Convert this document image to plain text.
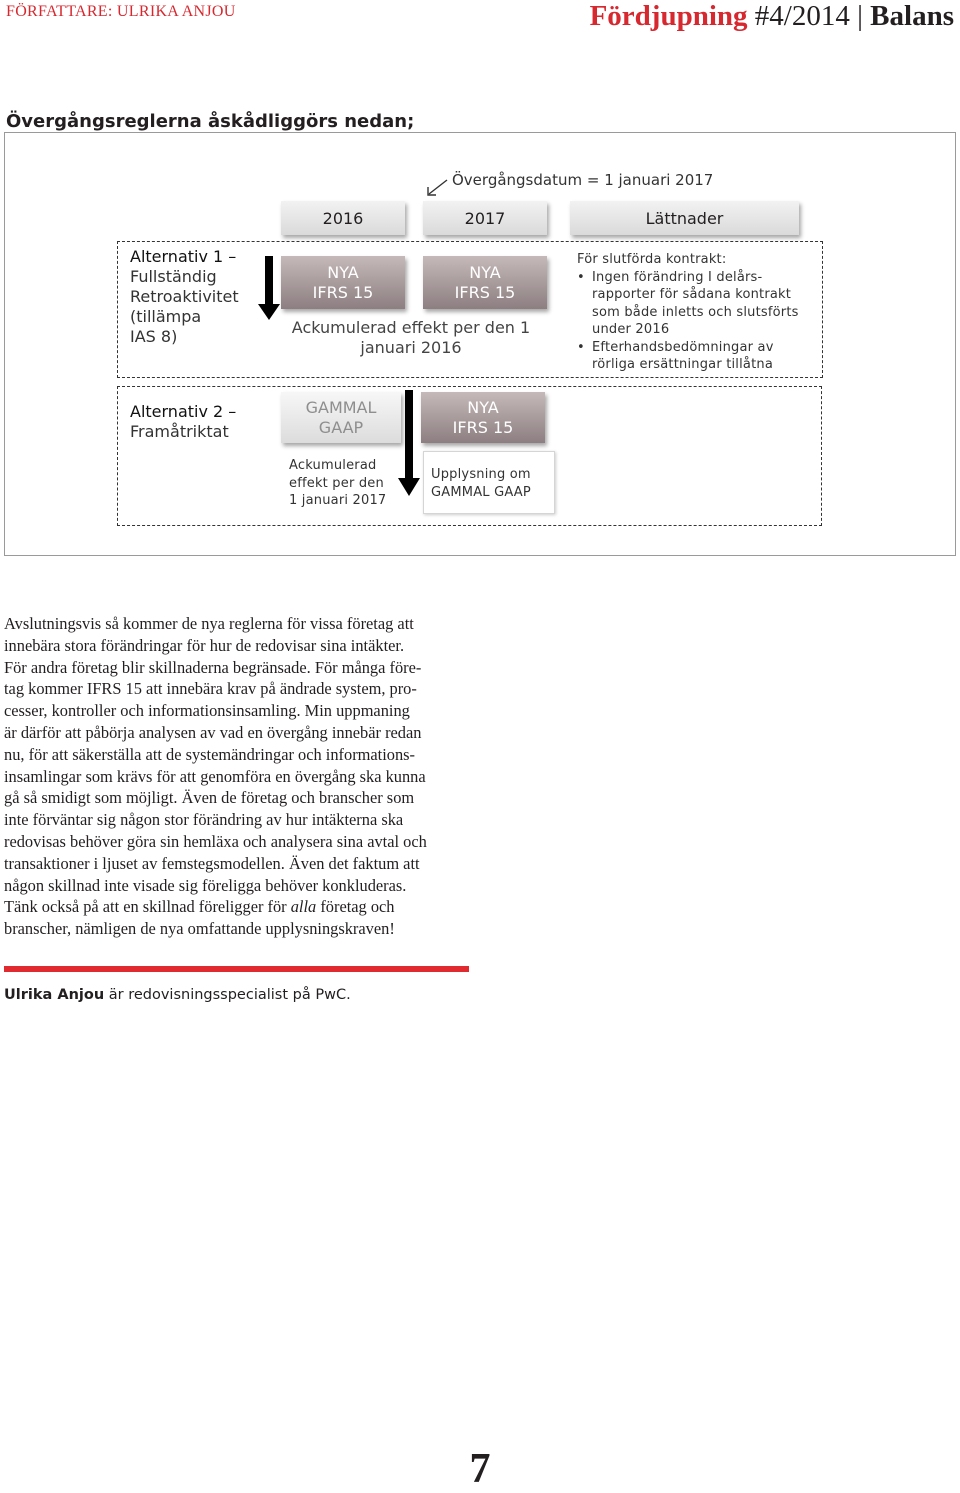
FÖRFATTARE: ULRIKA ANJOU	Fördjupning #4/2014 | Balans
Övergångsreglerna åskådliggörs nedan;
Övergångsdatum = 1 januari 2017
2016	2017	Lättnader
Alternativ 1 –
Fullständig
Retroaktivitet
(tillämpa
IAS 8)
NYA
IFRS 15
NYA
IFRS 15
Ackumulerad effekt per den 1
januari 2016
För slutförda kontrakt:
• Ingen förändring I delårs-
rapporter för sådana kontrakt
som både inletts och slutsförts
under 2016
• Efterhandsbedömningar av
rörliga ersättningar tillåtna
Alternativ 2 –
Framåtriktat
GAMMAL
GAAP
NYA
IFRS 15
Ackumulerad
effekt per den
1 januari 2017
Upplysning om
GAMMAL GAAP
Avslutningsvis så kommer de nya reglerna för vissa företag att
innebära stora förändringar för hur de redovisar sina intäkter.
För andra företag blir skillnaderna begränsade. För många före-
tag kommer IFRS 15 att innebära krav på ändrade system, pro-
cesser, kontroller och informationsinsamling. Min uppmaning
är därför att påbörja analysen av vad en övergång innebär redan
nu, för att säkerställa att de systemändringar och informations-
insamlingar som krävs för att genomföra en övergång ska kunna
gå så smidigt som möjligt. Även de företag och branscher som
inte förväntar sig någon stor förändring av hur intäkterna ska
redovisas behöver göra sin hemläxa och analysera sina avtal och
transaktioner i ljuset av femstegsmodellen. Även det faktum att
någon skillnad inte visade sig föreligga behöver konkluderas.
Tänk också på att en skillnad föreligger för alla företag och
branscher, nämligen de nya omfattande upplysningskraven!
Ulrika Anjou är redovisningsspecialist på PwC.
7
